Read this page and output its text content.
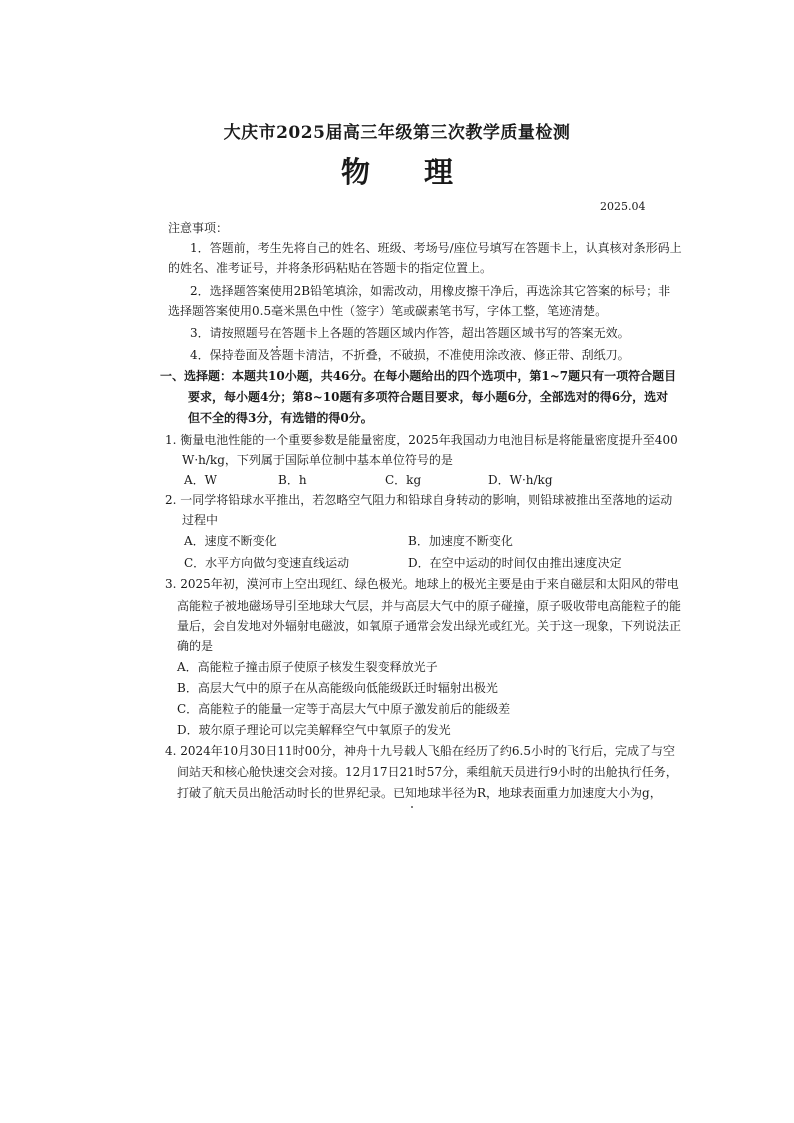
大庆市2025届高三年级第三次教学质量检测
物 理
2025.04
注意事项：
1．答题前，考生先将自己的姓名、班级、考场号/座位号填写在答题卡上，认真核对条形码上
的姓名、准考证号，并将条形码粘贴在答题卡的指定位置上。
2．选择题答案使用2B铅笔填涂，如需改动，用橡皮擦干净后，再选涂其它答案的标号；非
选择题答案使用0.5毫米黑色中性（签字）笔或碳素笔书写，字体工整，笔迹清楚。
3．请按照题号在答题卡上各题的答题区域内作答，超出答题区域书写的答案无效。
4．保持卷面及答题卡清洁，不折叠，不破损，不准使用涂改液、修正带、刮纸刀。
一、选择题：本题共10小题，共46分。在每小题给出的四个选项中，第1~7题只有一项符合题目
要求，每小题4分；第8~10题有多项符合题目要求，每小题6分，全部选对的得6分，选对
但不全的得3分，有选错的得0分。
1. 衡量电池性能的一个重要参数是能量密度，2025年我国动力电池目标是将能量密度提升至400
W·h/kg，下列属于国际单位制中基本单位符号的是
A．W	B．h	C．kg	D．W·h/kg
2. 一同学将铅球水平推出，若忽略空气阻力和铅球自身转动的影响，则铅球被推出至落地的运动
过程中
A．速度不断变化	B．加速度不断变化
C．水平方向做匀变速直线运动	D．在空中运动的时间仅由推出速度决定
3. 2025年初，漠河市上空出现红、绿色极光。地球上的极光主要是由于来自磁层和太阳风的带电
高能粒子被地磁场导引至地球大气层，并与高层大气中的原子碰撞，原子吸收带电高能粒子的能
量后，会自发地对外辐射电磁波，如氧原子通常会发出绿光或红光。关于这一现象，下列说法正
确的是
A．高能粒子撞击原子使原子核发生裂变释放光子
B．高层大气中的原子在从高能级向低能级跃迁时辐射出极光
C．高能粒子的能量一定等于高层大气中原子激发前后的能级差
D．玻尔原子理论可以完美解释空气中氧原子的发光
4. 2024年10月30日11时00分，神舟十九号载人飞船在经历了约6.5小时的飞行后，完成了与空
间站天和核心舱快速交会对接。12月17日21时57分，乘组航天员进行9小时的出舱执行任务，
打破了航天员出舱活动时长的世界纪录。已知地球半径为R，地球表面重力加速度大小为g，
